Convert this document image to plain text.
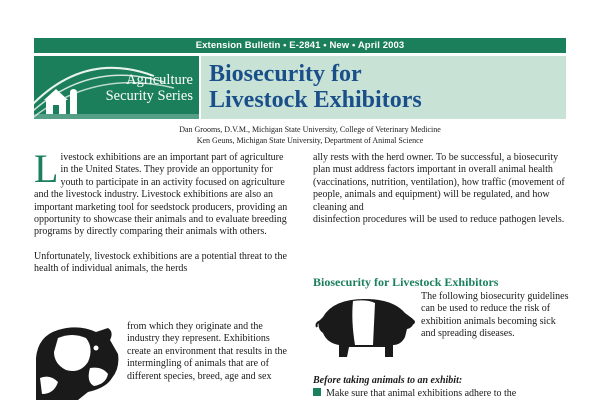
Extension Bulletin • E-2841 • New • April 2003
Agriculture
Security Series
Biosecurity for
Livestock Exhibitors
Dan Grooms, D.V.M., Michigan State University, College of Veterinary Medicine
Ken Geuns, Michigan State University, Department of Animal Science

Livestock exhibitions are an important part of agriculture in the United States. They provide an opportunity for youth to participate in an activity focused on agriculture and the livestock industry. Livestock exhibitions are also an important marketing tool for seedstock producers, providing an opportunity to showcase their animals and to evaluate breeding programs by directly comparing their animals with others.

Unfortunately, livestock exhibitions are a potential threat to the health of individual animals, the herds

from which they originate and the industry they represent. Exhibitions create an environment that results in the intermingling of animals that are of different species, breed, age and sex

ally rests with the herd owner. To be successful, a biosecurity plan must address factors important in overall animal health (vaccinations, nutrition, ventilation), how traffic (movement of people, animals and equipment) will be regulated, and how cleaning and

disinfection procedures will be used to reduce pathogen levels.

Biosecurity for Livestock Exhibitors
The following biosecurity guidelines can be used to reduce the risk of exhibition animals becoming sick and spreading diseases.
Before taking animals to an exhibit:
Make sure that animal exhibitions adhere to the
